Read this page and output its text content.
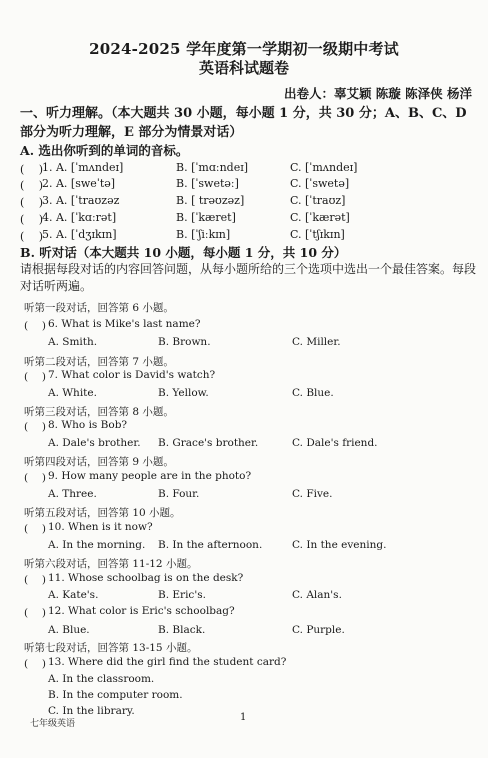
2024-2025 学年度第一学期初一级期中考试
英语科试题卷
出卷人：辜艾颖 陈璇 陈泽侠 杨洋
一、听力理解。（本大题共 30 小题，每小题 1 分，共 30 分；A、B、C、D 部分为听力理解，E 部分为情景对话）
A. 选出你听到的单词的音标。
(　 )
1. A. [ˈmʌndeɪ]	B. [ˈmɑːndeɪ]	C. [ˈmʌndeɪ]
(　 )
2. A. [sweˈtə]	B. [ˈswetəː]	C. [ˈswetə]
(　 )
3. A. [ˈtraʊzəz	B. [ trəʊzəz]	C. [ˈtraʊz]
(　 )
4. A. [ˈkɑːrət]	B. [ˈkæret]	C. [ˈkærət]
(　 )
5. A. [ˈdʒɪkɪn]	B. [ˈʃiːkɪn]	C. [ˈtʃɪkɪn]
B. 听对话（本大题共 10 小题，每小题 1 分，共 10 分）
请根据每段对话的内容回答问题，从每小题所给的三个选项中选出一个最佳答案。每段对话听两遍。
听第一段对话，回答第 6 小题。
(　 ) 6. What is Mike's last name?
A. Smith.	B. Brown.	C. Miller.
听第二段对话，回答第 7 小题。
(　 ) 7. What color is David's watch?
A. White.	B. Yellow.	C. Blue.
听第三段对话，回答第 8 小题。
(　 ) 8. Who is Bob?
A. Dale's brother. B. Grace's brother.	C. Dale's friend.
听第四段对话，回答第 9 小题。
(　 ) 9. How many people are in the photo?
A. Three.	B. Four.	C. Five.
听第五段对话，回答第 10 小题。
(　 ) 10. When is it now?
A. In the morning. B. In the afternoon.	C. In the evening.
听第六段对话，回答第 11-12 小题。
(　 ) 11. Whose schoolbag is on the desk?
A. Kate's.	B. Eric's.	C. Alan's.
(　 ) 12. What color is Eric's schoolbag?
A. Blue.	B. Black.	C. Purple.
听第七段对话，回答第 13-15 小题。
(　 ) 13. Where did the girl find the student card?
A. In the classroom.
B. In the computer room.
C. In the library.
七年级英语
1
